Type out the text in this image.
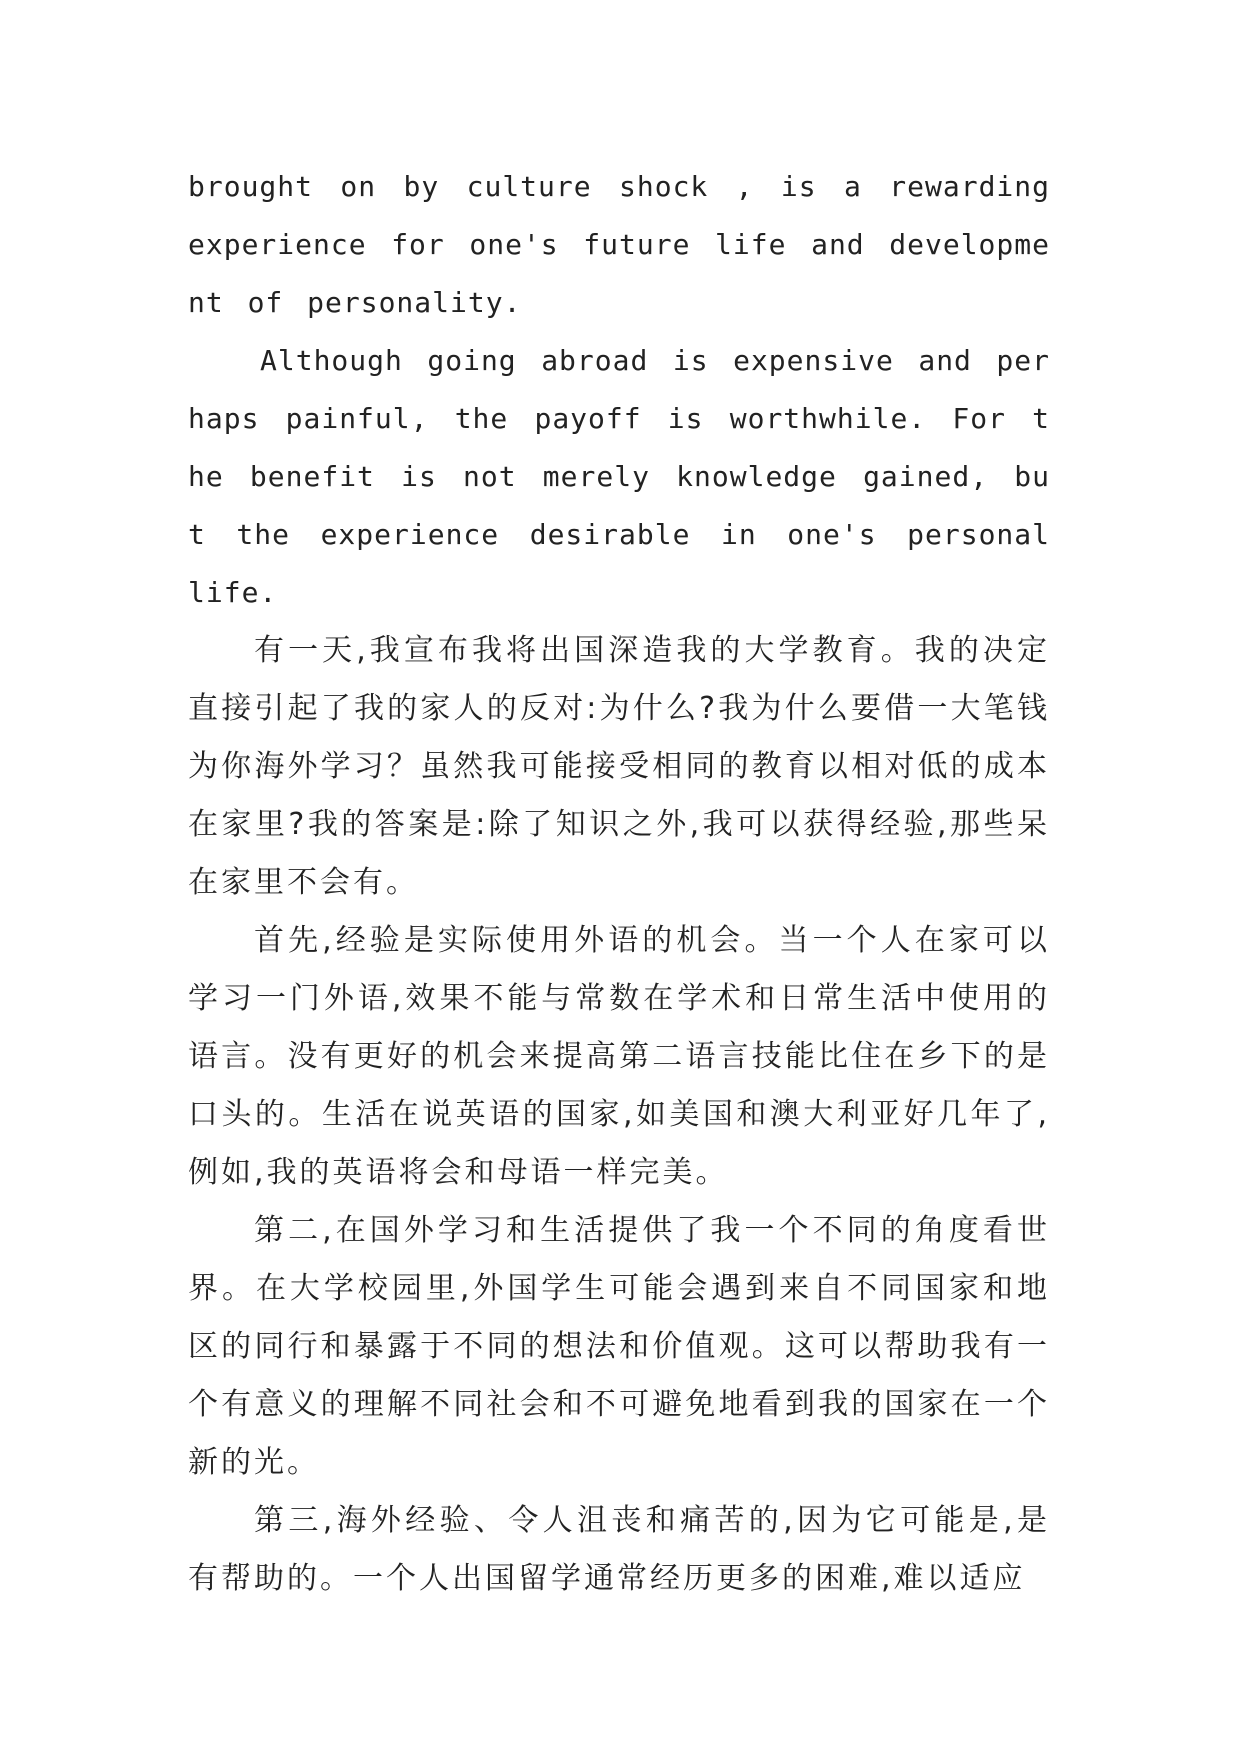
brought on by culture shock , is a rewarding experience for one's future life and development of personality.

Although going abroad is expensive and perhaps painful, the payoff is worthwhile. For the benefit is not merely knowledge gained, but the experience desirable in one's personal life.

有一天,我宣布我将出国深造我的大学教育。我的决定直接引起了我的家人的反对:为什么?我为什么要借一大笔钱为你海外学习？虽然我可能接受相同的教育以相对低的成本在家里?我的答案是:除了知识之外,我可以获得经验,那些呆在家里不会有。

首先,经验是实际使用外语的机会。当一个人在家可以学习一门外语,效果不能与常数在学术和日常生活中使用的语言。没有更好的机会来提高第二语言技能比住在乡下的是口头的。生活在说英语的国家,如美国和澳大利亚好几年了,例如,我的英语将会和母语一样完美。

第二,在国外学习和生活提供了我一个不同的角度看世界。在大学校园里,外国学生可能会遇到来自不同国家和地区的同行和暴露于不同的想法和价值观。这可以帮助我有一个有意义的理解不同社会和不可避免地看到我的国家在一个新的光。

第三,海外经验、令人沮丧和痛苦的,因为它可能是,是有帮助的。一个人出国留学通常经历更多的困难,难以适应
